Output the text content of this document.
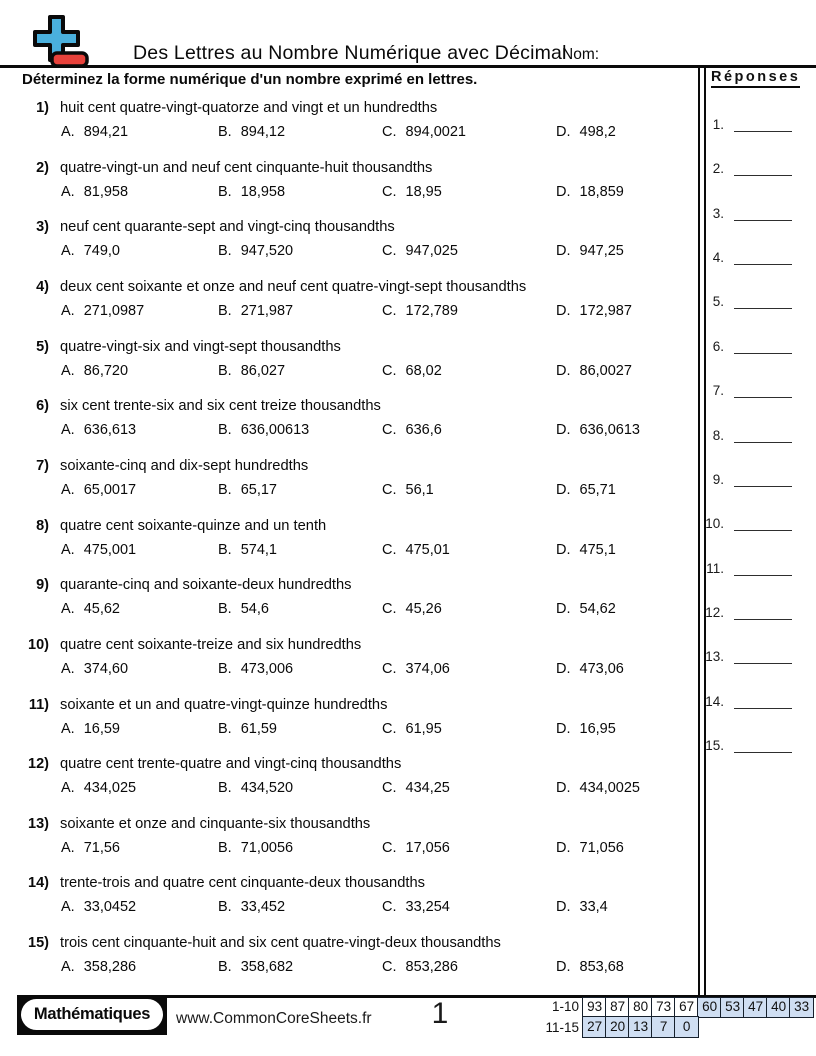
Des Lettres au Nombre Numérique avec Décimal
Nom:
Déterminez la forme numérique d'un nombre exprimé en lettres.	Réponses
1.
2.
3.
4.
5.
6.
7.
8.
9.
10.
11.
12.
13.
14.
15.
1) huit cent quatre-vingt-quatorze and vingt et un hundredths
A. 894,21	B. 894,12	C. 894,0021	D. 498,2
2) quatre-vingt-un and neuf cent cinquante-huit thousandths
A. 81,958	B. 18,958	C. 18,95	D. 18,859
3) neuf cent quarante-sept and vingt-cinq thousandths
A. 749,0	B. 947,520	C. 947,025	D. 947,25
4) deux cent soixante et onze and neuf cent quatre-vingt-sept thousandths
A. 271,0987	B. 271,987	C. 172,789	D. 172,987
5) quatre-vingt-six and vingt-sept thousandths
A. 86,720	B. 86,027	C. 68,02	D. 86,0027
6) six cent trente-six and six cent treize thousandths
A. 636,613	B. 636,00613	C. 636,6	D. 636,0613
7) soixante-cinq and dix-sept hundredths
A. 65,0017	B. 65,17	C. 56,1	D. 65,71
8) quatre cent soixante-quinze and un tenth
A. 475,001	B. 574,1	C. 475,01	D. 475,1
9) quarante-cinq and soixante-deux hundredths
A. 45,62	B. 54,6	C. 45,26	D. 54,62
10) quatre cent soixante-treize and six hundredths
A. 374,60	B. 473,006	C. 374,06	D. 473,06
11) soixante et un and quatre-vingt-quinze hundredths
A. 16,59	B. 61,59	C. 61,95	D. 16,95
12) quatre cent trente-quatre and vingt-cinq thousandths
A. 434,025	B. 434,520	C. 434,25	D. 434,0025
13) soixante et onze and cinquante-six thousandths
A. 71,56	B. 71,0056	C. 17,056	D. 71,056
14) trente-trois and quatre cent cinquante-deux thousandths
A. 33,0452	B. 33,452	C. 33,254	D. 33,4
15) trois cent cinquante-huit and six cent quatre-vingt-deux thousandths
A. 358,286	B. 358,682	C. 853,286	D. 853,68
Mathématiques www.CommonCoreSheets.fr	1	1-10 93 87 80 73 67 60 53 47 40 33
11-15 27 20 13 7	0
